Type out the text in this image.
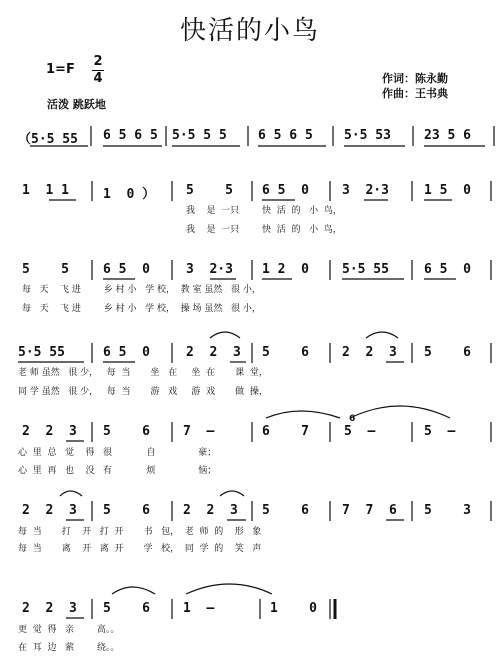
快活的小鸟
1=F
2
4	作词：陈永勤
作曲：王书典
活泼 跳跃地
（5·5 55 6 5 6 5 5·5 5 5 6 5 6 5 5·5 53	23 5 6
1  1 1	1  0 ） 5    5 6 5  0	3  2·3	1 5  0
我    是  一只        快  活  的   小  鸟，
我    是  一只        快  活  的   小  鸟，
5    5	6 5  0	3  2·3 1 2  0	5·5 55	6 5  0
每   天    飞 进        乡 村 小   学 校，  教 室 虽然   很 小，
每   天    飞 进        乡 村 小   学 校，  操 场 虽然   很 小，
5·5 55	6 5  0	2  2  3 5    6	2  2  3 5    6
老 师 虽然   很 少，   每  当       坐   在     坐  在       课  堂，
同 学 虽然   很 少，   每  当       游   戏     游  戏       做  操，
2  2  3 5    6	7  –	6    7	5  –	5  –
心  里  总   觉    得   很            自               豪；
心  里  再   也    没   有            烦               恼；
6
2  2  3 5    6	2  2  3 5    6	7  7  6 5    3
每  当       打    开   打  开       书   包，  老  师  的    形   象
每  当       离    开   离  开       学   校，  同  学  的    笑   声
2  2  3 5    6	1  –	1    0
更  觉  得   亲        高。。
在  耳  边   萦        绕。。
